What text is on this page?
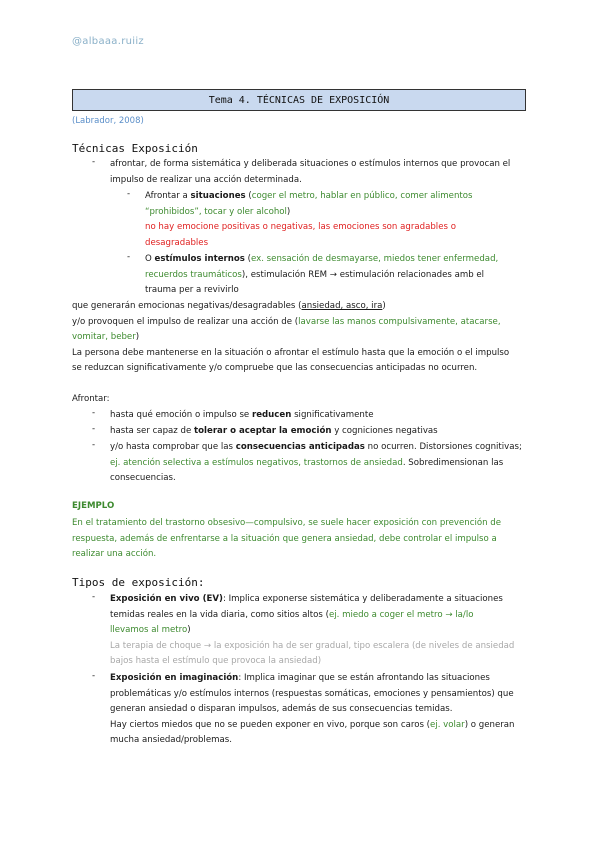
@albaaa.ruiiz
Tema 4. TÉCNICAS DE EXPOSICIÓN
(Labrador, 2008)
Técnicas Exposición
- afrontar, de forma sistemática y deliberada situaciones o estímulos internos que provocan el
impulso de realizar una acción determinada.
- Afrontar a situaciones (coger el metro, hablar en público, comer alimentos
“prohibidos”, tocar y oler alcohol)
no hay emocione positivas o negativas, las emociones son agradables o
desagradables
- O estímulos internos (ex. sensación de desmayarse, miedos tener enfermedad,
recuerdos traumáticos), estimulación REM → estimulación relacionades amb el
trauma per a revivirlo
que generarán emocionas negativas/desagradables (ansiedad, asco, ira)
y/o provoquen el impulso de realizar una acción de (lavarse las manos compulsivamente, atacarse,
vomitar, beber)
La persona debe mantenerse en la situación o afrontar el estímulo hasta que la emoción o el impulso
se reduzcan significativamente y/o compruebe que las consecuencias anticipadas no ocurren.
Afrontar:
- hasta qué emoción o impulso se reducen significativamente
- hasta ser capaz de tolerar o aceptar la emoción y cogniciones negativas
- y/o hasta comprobar que las consecuencias anticipadas no ocurren. Distorsiones cognitivas;
ej. atención selectiva a estímulos negativos, trastornos de ansiedad. Sobredimensionan las
consecuencias.
EJEMPLO
En el tratamiento del trastorno obsesivo—compulsivo, se suele hacer exposición con prevención de
respuesta, además de enfrentarse a la situación que genera ansiedad, debe controlar el impulso a
realizar una acción.
Tipos de exposición:
- Exposición en vivo (EV): Implica exponerse sistemática y deliberadamente a situaciones
temidas reales en la vida diaria, como sitios altos (ej. miedo a coger el metro → la/lo
llevamos al metro)
La terapia de choque → la exposición ha de ser gradual, tipo escalera (de niveles de ansiedad
bajos hasta el estímulo que provoca la ansiedad)
- Exposición en imaginación: Implica imaginar que se están afrontando las situaciones
problemáticas y/o estímulos internos (respuestas somáticas, emociones y pensamientos) que
generan ansiedad o disparan impulsos, además de sus consecuencias temidas.
Hay ciertos miedos que no se pueden exponer en vivo, porque son caros (ej. volar) o generan
mucha ansiedad/problemas.
